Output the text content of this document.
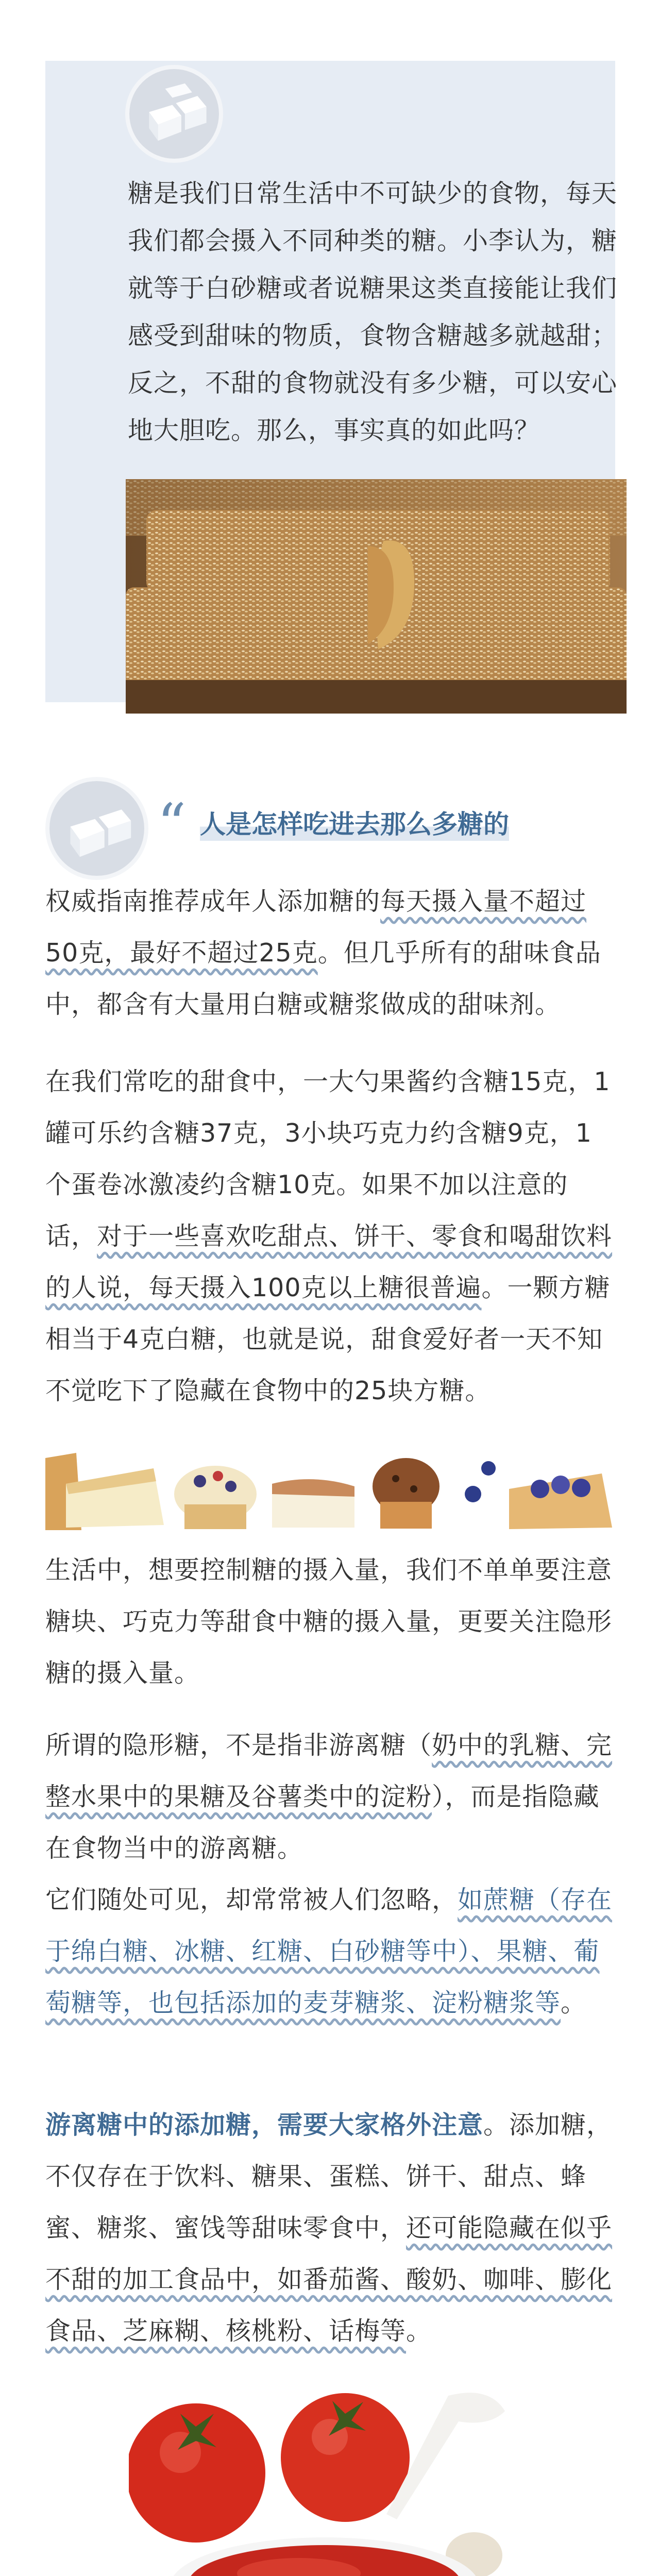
糖是我们日常生活中不可缺少的食物，每天我们都会摄入不同种类的糖。小李认为，糖就等于白砂糖或者说糖果这类直接能让我们感受到甜味的物质，食物含糖越多就越甜；反之，不甜的食物就没有多少糖，可以安心地大胆吃。那么，事实真的如此吗？

“ 人是怎样吃进去那么多糖的

权威指南推荐成年人添加糖的每天摄入量不超过50克，最好不超过25克。但几乎所有的甜味食品中，都含有大量用白糖或糖浆做成的甜味剂。

在我们常吃的甜食中，一大勺果酱约含糖15克，1罐可乐约含糖37克，3小块巧克力约含糖9克，1个蛋卷冰激凌约含糖10克。如果不加以注意的话，对于一些喜欢吃甜点、饼干、零食和喝甜饮料的人说，每天摄入100克以上糖很普遍。一颗方糖相当于4克白糖，也就是说，甜食爱好者一天不知不觉吃下了隐藏在食物中的25块方糖。

生活中，想要控制糖的摄入量，我们不单单要注意糖块、巧克力等甜食中糖的摄入量，更要关注隐形糖的摄入量。

所谓的隐形糖，不是指非游离糖（奶中的乳糖、完整水果中的果糖及谷薯类中的淀粉），而是指隐藏在食物当中的游离糖。

它们随处可见，却常常被人们忽略，如蔗糖（存在于绵白糖、冰糖、红糖、白砂糖等中）、果糖、葡萄糖等，也包括添加的麦芽糖浆、淀粉糖浆等。

游离糖中的添加糖，需要大家格外注意。添加糖，不仅存在于饮料、糖果、蛋糕、饼干、甜点、蜂蜜、糖浆、蜜饯等甜味零食中，还可能隐藏在似乎不甜的加工食品中，如番茄酱、酸奶、咖啡、膨化食品、芝麻糊、核桃粉、话梅等。
